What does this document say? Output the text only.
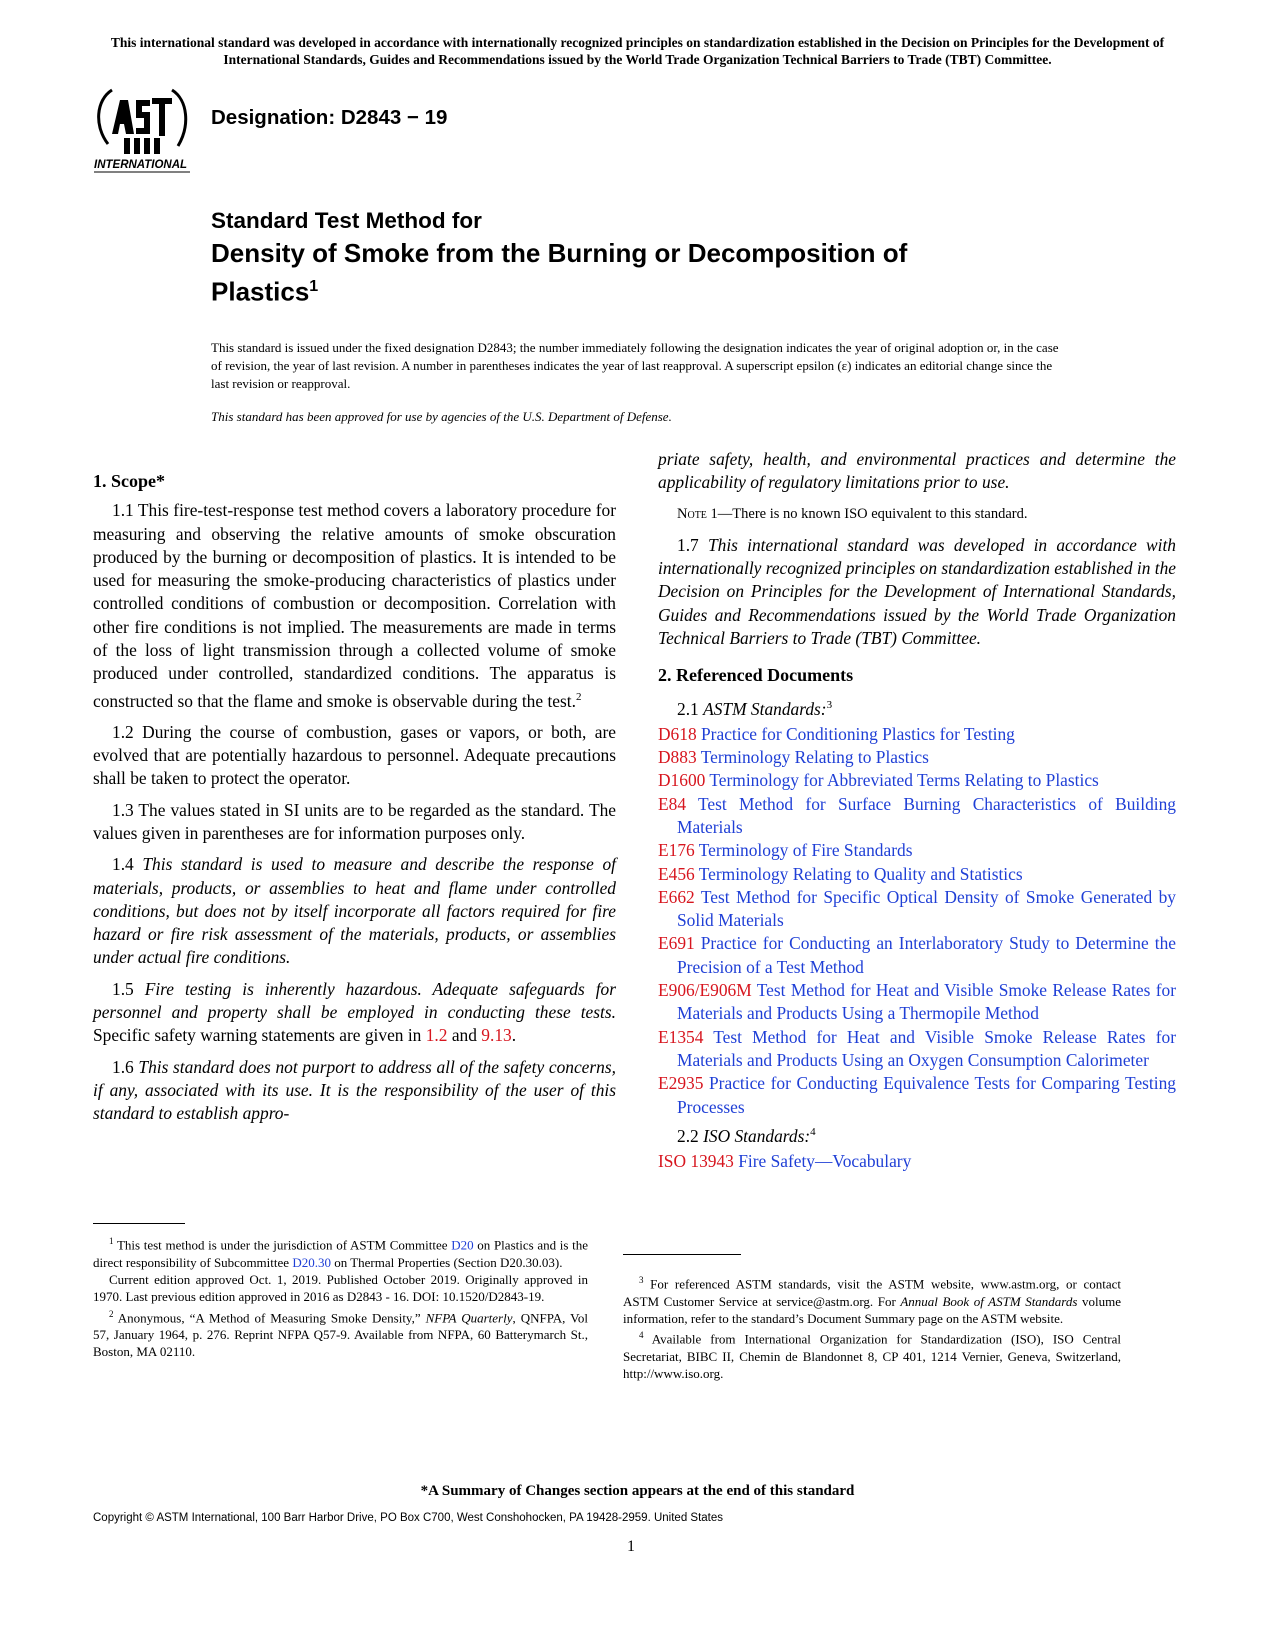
This international standard was developed in accordance with internationally recognized principles on standardization established in the Decision on Principles for the Development of International Standards, Guides and Recommendations issued by the World Trade Organization Technical Barriers to Trade (TBT) Committee.
INTERNATIONAL
Designation: D2843 − 19
Standard Test Method for
Density of Smoke from the Burning or Decomposition of Plastics$^1$
This standard is issued under the fixed designation D2843; the number immediately following the designation indicates the year of original adoption or, in the case of revision, the year of last revision. A number in parentheses indicates the year of last reapproval. A superscript epsilon (ε) indicates an editorial change since the last revision or reapproval.
This standard has been approved for use by agencies of the U.S. Department of Defense.
1. Scope*

1.1 This fire-test-response test method covers a laboratory procedure for measuring and observing the relative amounts of smoke obscuration produced by the burning or decomposition of plastics. It is intended to be used for measuring the smoke-producing characteristics of plastics under controlled conditions of combustion or decomposition. Correlation with other fire conditions is not implied. The measurements are made in terms of the loss of light transmission through a collected volume of smoke produced under controlled, standardized conditions. The apparatus is constructed so that the flame and smoke is observable during the test.$^2$

1.2 During the course of combustion, gases or vapors, or both, are evolved that are potentially hazardous to personnel. Adequate precautions shall be taken to protect the operator.

1.3 The values stated in SI units are to be regarded as the standard. The values given in parentheses are for information purposes only.

1.4 This standard is used to measure and describe the response of materials, products, or assemblies to heat and flame under controlled conditions, but does not by itself incorporate all factors required for fire hazard or fire risk assessment of the materials, products, or assemblies under actual fire conditions.

1.5 Fire testing is inherently hazardous. Adequate safeguards for personnel and property shall be employed in conducting these tests. Specific safety warning statements are given in 1.2 and 9.13.

1.6 This standard does not purport to address all of the safety concerns, if any, associated with its use. It is the responsibility of the user of this standard to establish appro-

$^1$ This test method is under the jurisdiction of ASTM Committee D20 on Plastics and is the direct responsibility of Subcommittee D20.30 on Thermal Properties (Section D20.30.03).

Current edition approved Oct. 1, 2019. Published October 2019. Originally approved in 1970. Last previous edition approved in 2016 as D2843 - 16. DOI: 10.1520/D2843-19.

$^2$ Anonymous, “A Method of Measuring Smoke Density,” NFPA Quarterly, QNFPA, Vol 57, January 1964, p. 276. Reprint NFPA Q57-9. Available from NFPA, 60 Batterymarch St., Boston, MA 02110.

priate safety, health, and environmental practices and determine the applicability of regulatory limitations prior to use.

Note 1—There is no known ISO equivalent to this standard.

1.7 This international standard was developed in accordance with internationally recognized principles on standardization established in the Decision on Principles for the Development of International Standards, Guides and Recommendations issued by the World Trade Organization Technical Barriers to Trade (TBT) Committee.

2. Referenced Documents
2.1 ASTM Standards:$^3$

D618 Practice for Conditioning Plastics for Testing

D883 Terminology Relating to Plastics

D1600 Terminology for Abbreviated Terms Relating to Plastics

E84 Test Method for Surface Burning Characteristics of Building Materials

E176 Terminology of Fire Standards

E456 Terminology Relating to Quality and Statistics

E662 Test Method for Specific Optical Density of Smoke Generated by Solid Materials

E691 Practice for Conducting an Interlaboratory Study to Determine the Precision of a Test Method

E906/E906M Test Method for Heat and Visible Smoke Release Rates for Materials and Products Using a Thermopile Method

E1354 Test Method for Heat and Visible Smoke Release Rates for Materials and Products Using an Oxygen Consumption Calorimeter

E2935 Practice for Conducting Equivalence Tests for Comparing Testing Processes

2.2 ISO Standards:$^4$

ISO 13943 Fire Safety—Vocabulary

$^3$ For referenced ASTM standards, visit the ASTM website, www.astm.org, or contact ASTM Customer Service at service@astm.org. For Annual Book of ASTM Standards volume information, refer to the standard’s Document Summary page on the ASTM website.

$^4$ Available from International Organization for Standardization (ISO), ISO Central Secretariat, BIBC II, Chemin de Blandonnet 8, CP 401, 1214 Vernier, Geneva, Switzerland, http://www.iso.org.

*A Summary of Changes section appears at the end of this standard
Copyright © ASTM International, 100 Barr Harbor Drive, PO Box C700, West Conshohocken, PA 19428-2959. United States
1
